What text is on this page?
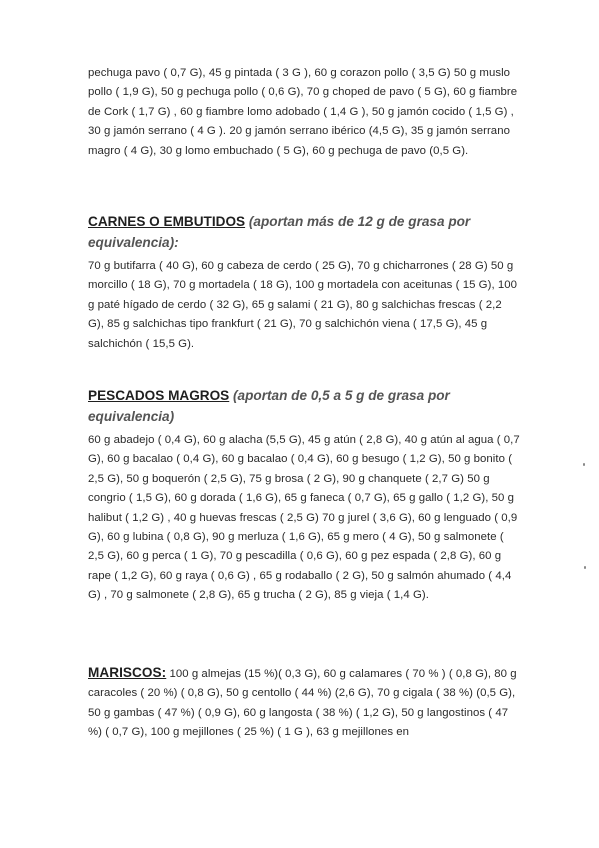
pechuga pavo ( 0,7 G), 45 g pintada ( 3 G ), 60 g corazon pollo ( 3,5 G) 50 g muslo pollo ( 1,9 G), 50 g pechuga pollo ( 0,6 G), 70 g choped de pavo ( 5 G), 60 g fiambre de Cork ( 1,7 G) , 60 g fiambre lomo adobado ( 1,4 G ), 50 g jamón cocido ( 1,5 G) , 30 g jamón serrano ( 4 G ). 20 g jamón serrano ibérico (4,5 G), 35 g jamón serrano magro ( 4 G), 30 g lomo embuchado ( 5 G), 60 g pechuga de pavo (0,5 G).

CARNES O EMBUTIDOS (aportan más de 12 g de grasa por equivalencia):

70 g butifarra ( 40 G), 60 g cabeza de cerdo ( 25 G), 70 g chicharrones ( 28 G) 50 g morcillo ( 18 G), 70 g mortadela ( 18 G), 100 g mortadela con aceitunas ( 15 G), 100 g paté hígado de cerdo ( 32 G), 65 g salami ( 21 G), 80 g salchichas frescas ( 2,2 G), 85 g salchichas tipo frankfurt ( 21 G), 70 g salchichón viena ( 17,5 G), 45 g salchichón ( 15,5 G).

PESCADOS MAGROS (aportan de 0,5 a 5 g de grasa por equivalencia)

60 g abadejo ( 0,4 G), 60 g alacha (5,5 G), 45 g atún ( 2,8 G), 40 g atún al agua ( 0,7 G), 60 g bacalao ( 0,4 G), 60 g bacalao ( 0,4 G), 60 g besugo ( 1,2 G), 50 g bonito ( 2,5 G), 50 g boquerón ( 2,5 G), 75 g brosa ( 2 G), 90 g chanquete ( 2,7 G) 50 g congrio ( 1,5 G), 60 g dorada ( 1,6 G), 65 g faneca ( 0,7 G), 65 g gallo ( 1,2 G), 50 g halibut ( 1,2 G) , 40 g huevas frescas ( 2,5 G) 70 g jurel ( 3,6 G), 60 g lenguado ( 0,9 G), 60 g lubina ( 0,8 G), 90 g merluza ( 1,6 G), 65 g mero ( 4 G), 50 g salmonete ( 2,5 G), 60 g perca ( 1 G), 70 g pescadilla ( 0,6 G), 60 g pez espada ( 2,8 G), 60 g rape ( 1,2 G), 60 g raya ( 0,6 G) , 65 g rodaballo ( 2 G), 50 g salmón ahumado ( 4,4 G) , 70 g salmonete ( 2,8 G), 65 g trucha ( 2 G), 85 g vieja ( 1,4 G).

MARISCOS: 100 g almejas (15 %)( 0,3 G), 60 g calamares ( 70 % ) ( 0,8 G), 80 g caracoles ( 20 %) ( 0,8 G), 50 g centollo ( 44 %) (2,6 G), 70 g cigala ( 38 %) (0,5 G), 50 g gambas ( 47 %) ( 0,9 G), 60 g langosta ( 38 %) ( 1,2 G), 50 g langostinos ( 47 %) ( 0,7 G), 100 g mejillones ( 25 %) ( 1 G ), 63 g mejillones en
